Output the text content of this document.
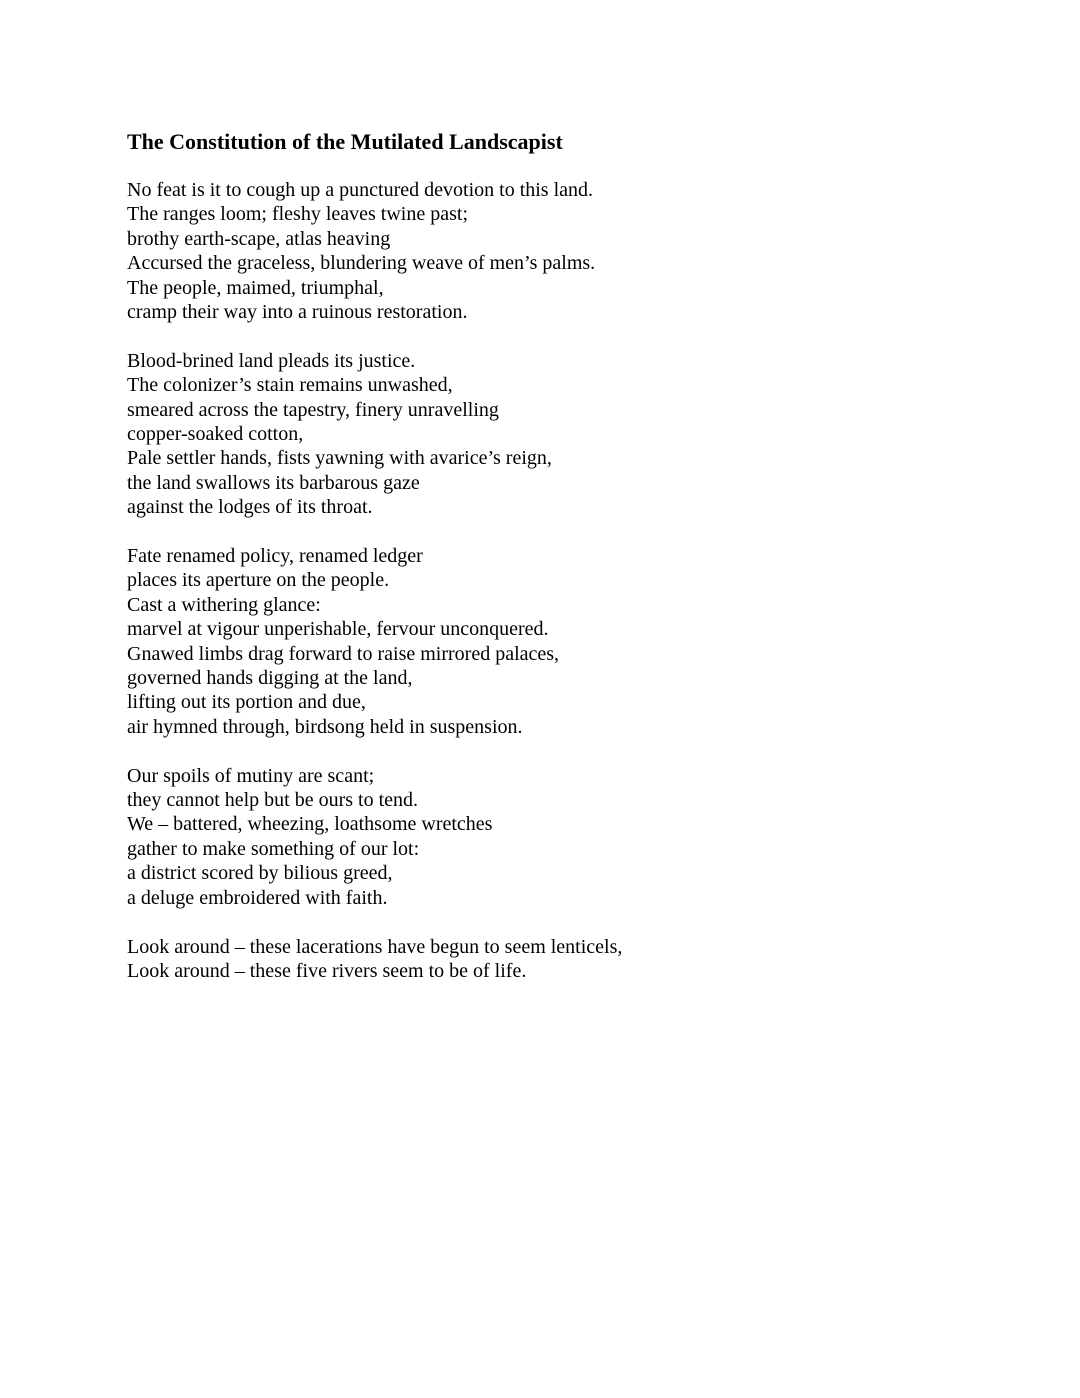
The Constitution of the Mutilated Landscapist
No feat is it to cough up a punctured devotion to this land.
The ranges loom; fleshy leaves twine past;
brothy earth-scape, atlas heaving
Accursed the graceless, blundering weave of men’s palms.
The people, maimed, triumphal,
cramp their way into a ruinous restoration.
Blood-brined land pleads its justice.
The colonizer’s stain remains unwashed,
smeared across the tapestry, finery unravelling
copper-soaked cotton,
Pale settler hands, fists yawning with avarice’s reign,
the land swallows its barbarous gaze
against the lodges of its throat.
Fate renamed policy, renamed ledger
places its aperture on the people.
Cast a withering glance:
marvel at vigour unperishable, fervour unconquered.
Gnawed limbs drag forward to raise mirrored palaces,
governed hands digging at the land,
lifting out its portion and due,
air hymned through, birdsong held in suspension.
Our spoils of mutiny are scant;
they cannot help but be ours to tend.
We – battered, wheezing, loathsome wretches
gather to make something of our lot:
a district scored by bilious greed,
a deluge embroidered with faith.
Look around – these lacerations have begun to seem lenticels,
Look around – these five rivers seem to be of life.
